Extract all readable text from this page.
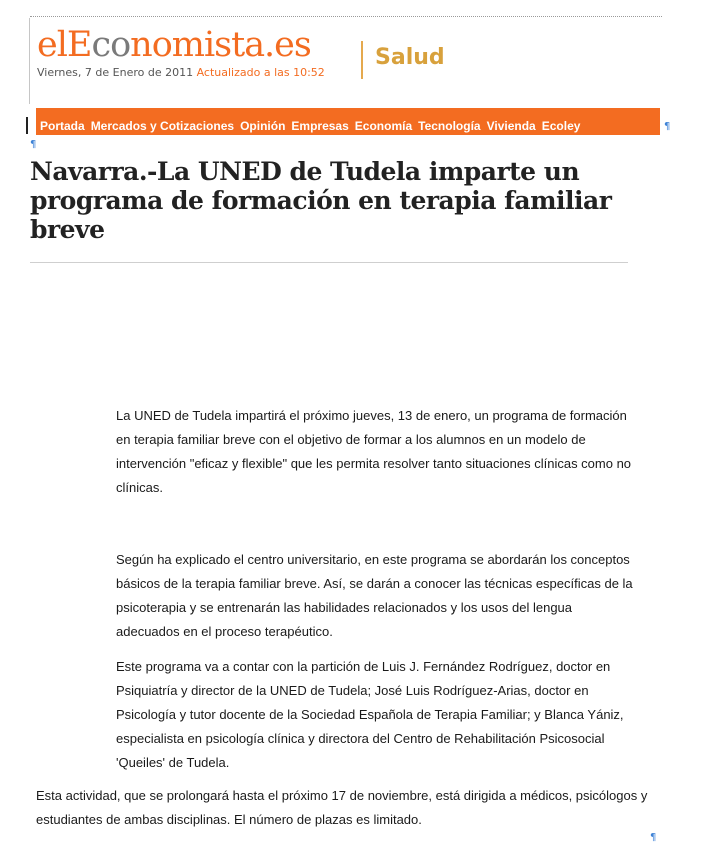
elEconomista.es
Viernes, 7 de Enero de 2011 Actualizado a las 10:52
Salud
Portada Mercados y Cotizaciones Opinión Empresas Economía Tecnología Vivienda Ecoley	¶
¶
Navarra.-La UNED de Tudela imparte un programa de formación en terapia familiar breve

La UNED de Tudela impartirá el próximo jueves, 13 de enero, un programa de formación en terapia familiar breve con el objetivo de formar a los alumnos en un modelo de intervención "eficaz y flexible" que les permita resolver tanto situaciones clínicas como no clínicas.

Según ha explicado el centro universitario, en este programa se abordarán los conceptos básicos de la terapia familiar breve. Así, se darán a conocer las técnicas específicas de la psicoterapia y se entrenarán las habilidades relacionados y los usos del lengua adecuados en el proceso terapéutico.

Este programa va a contar con la partición de Luis J. Fernández Rodríguez, doctor en Psiquiatría y director de la UNED de Tudela; José Luis Rodríguez-Arias, doctor en Psicología y tutor docente de la Sociedad Española de Terapia Familiar; y Blanca Yániz, especialista en psicología clínica y directora del Centro de Rehabilitación Psicosocial 'Queiles' de Tudela.

Esta actividad, que se prolongará hasta el próximo 17 de noviembre, está dirigida a médicos, psicólogos y estudiantes de ambas disciplinas. El número de plazas es limitado.

¶
